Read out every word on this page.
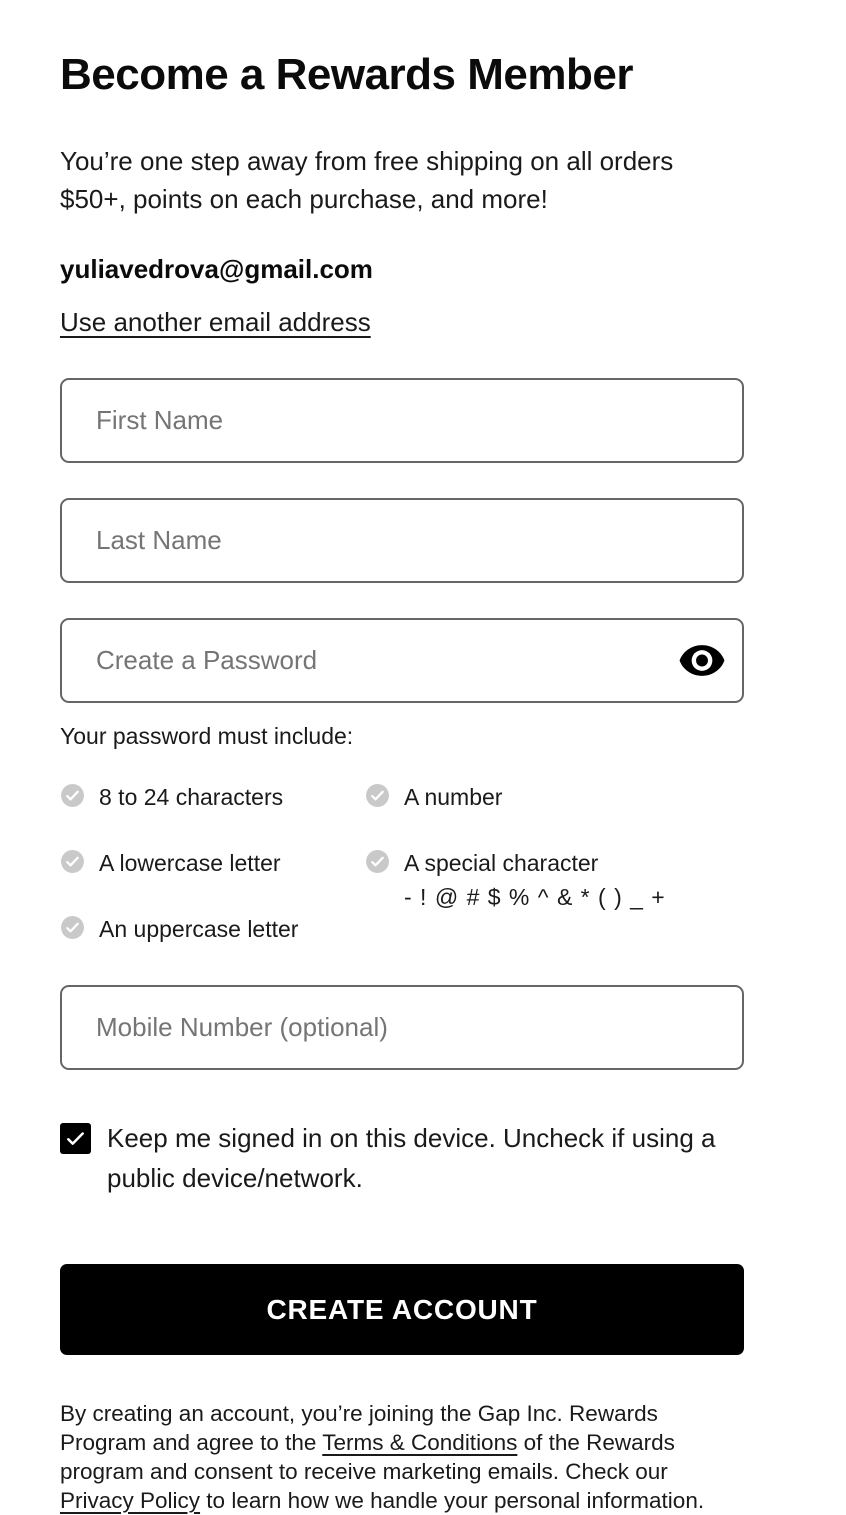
Become a Rewards Member

You’re one step away from free shipping on all orders $50+, points on each purchase, and more!

yuliavedrova@gmail.com
Use another email address
First Name
Last Name
Create a Password
Your password must include:
8 to 24 characters
A lowercase letter
An uppercase letter
A number
A special character
- ! @ # $ % ^ & * ( ) _ +
Mobile Number (optional)
Keep me signed in on this device. Uncheck if using a public device/network.
CREATE ACCOUNT

By creating an account, you’re joining the Gap Inc. Rewards Program and agree to the Terms & Conditions of the Rewards program and consent to receive marketing emails. Check our Privacy Policy to learn how we handle your personal information.
